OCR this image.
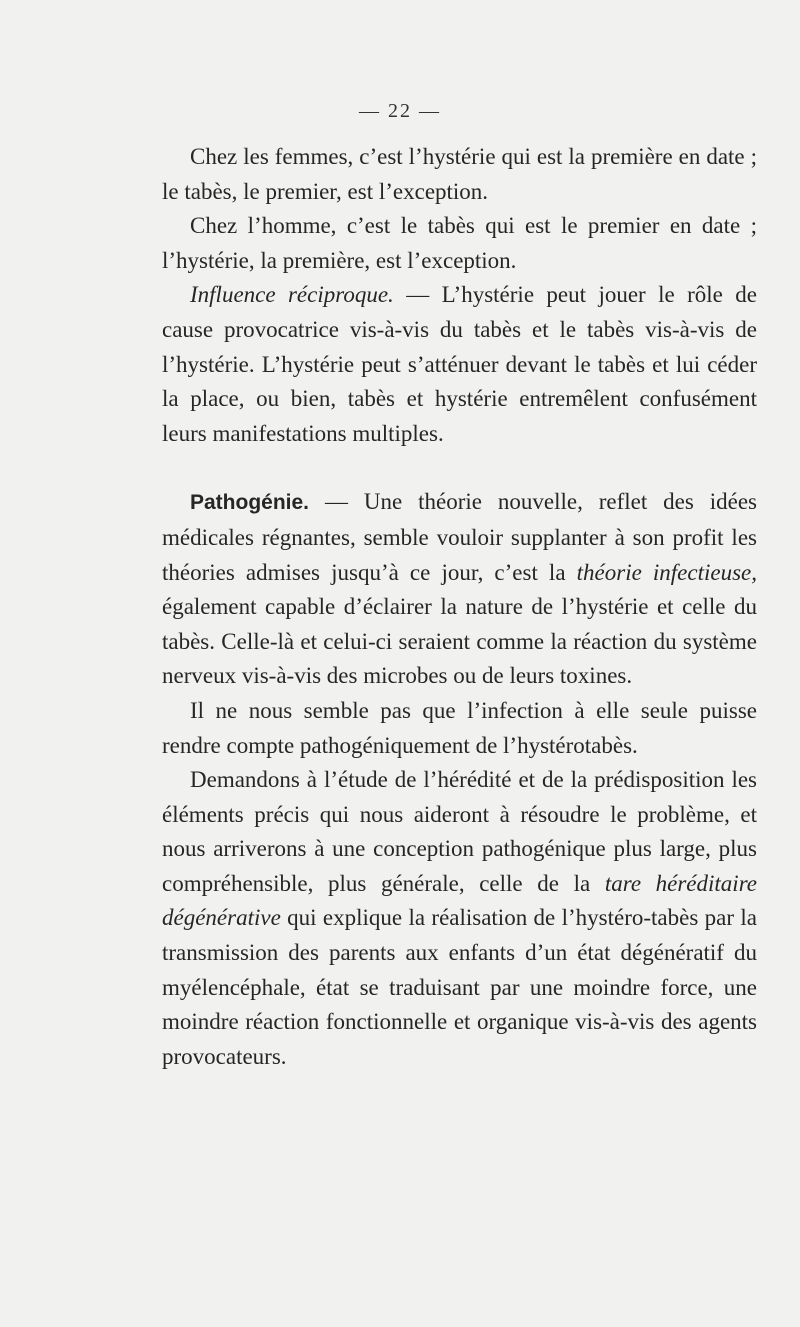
— 22 —

Chez les femmes, c’est l’hystérie qui est la première en date ; le tabès, le premier, est l’exception.

Chez l’homme, c’est le tabès qui est le premier en date ; l’hystérie, la première, est l’exception.

Influence réciproque. — L’hystérie peut jouer le rôle de cause provocatrice vis-à-vis du tabès et le tabès vis-à-vis de l’hystérie. L’hystérie peut s’atténuer devant le tabès et lui céder la place, ou bien, tabès et hystérie entremêlent confusément leurs manifestations multiples.

Pathogénie. — Une théorie nouvelle, reflet des idées médicales régnantes, semble vouloir supplanter à son profit les théories admises jusqu’à ce jour, c’est la théorie infectieuse, également capable d’éclairer la nature de l’hystérie et celle du tabès. Celle-là et celui-ci seraient comme la réaction du système nerveux vis-à-vis des microbes ou de leurs toxines.

Il ne nous semble pas que l’infection à elle seule puisse rendre compte pathogéniquement de l’hystérotabès.

Demandons à l’étude de l’hérédité et de la prédisposition les éléments précis qui nous aideront à résoudre le problème, et nous arriverons à une conception pathogénique plus large, plus compréhensible, plus générale, celle de la tare héréditaire dégénérative qui explique la réalisation de l’hystéro-tabès par la transmission des parents aux enfants d’un état dégénératif du myélencéphale, état se traduisant par une moindre force, une moindre réaction fonctionnelle et organique vis-à-vis des agents provocateurs.
